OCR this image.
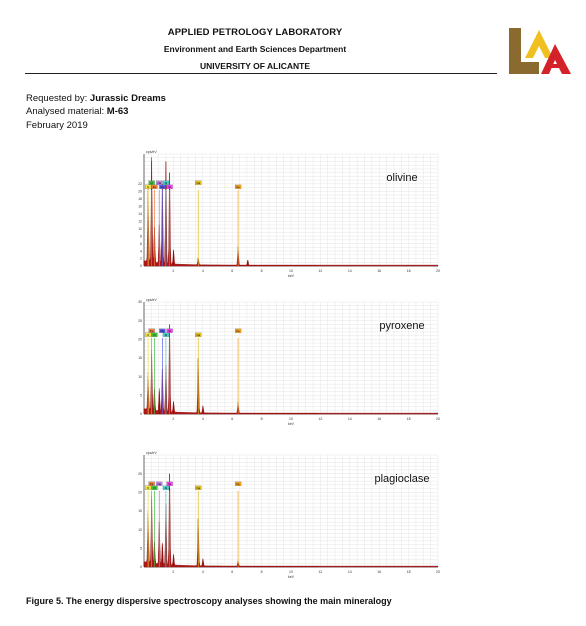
APPLIED PETROLOGY LABORATORY
Environment and Earth Sciences Department
UNIVERSITY OF ALICANTE
Requested by: Jurassic Dreams
Analysed material: M-63
February 2019
2	4	6	8	10	12	14	16	18	20
0
2
4
6
8
10
12
14
16
18
20
22
cps/eV
keV
C
O
Fe
Na
Mg
Al
Si
Ca
Fe
olivine
2	4	6	8	10	12	14	16	18	20
0
5
10
15
20
25
30
cps/eV
keV
C
Fe
O
Mg
Al
Si
Ca
Fe	pyroxene
2	4	6	8	10	12	14	16	18	20
0
5
10
15
20
25
cps/eV
keV
C
Fe
O
Na
Al
Si
Ca
Fe	plagioclase
Figure 5. The energy dispersive spectroscopy analyses showing the main mineralogy
